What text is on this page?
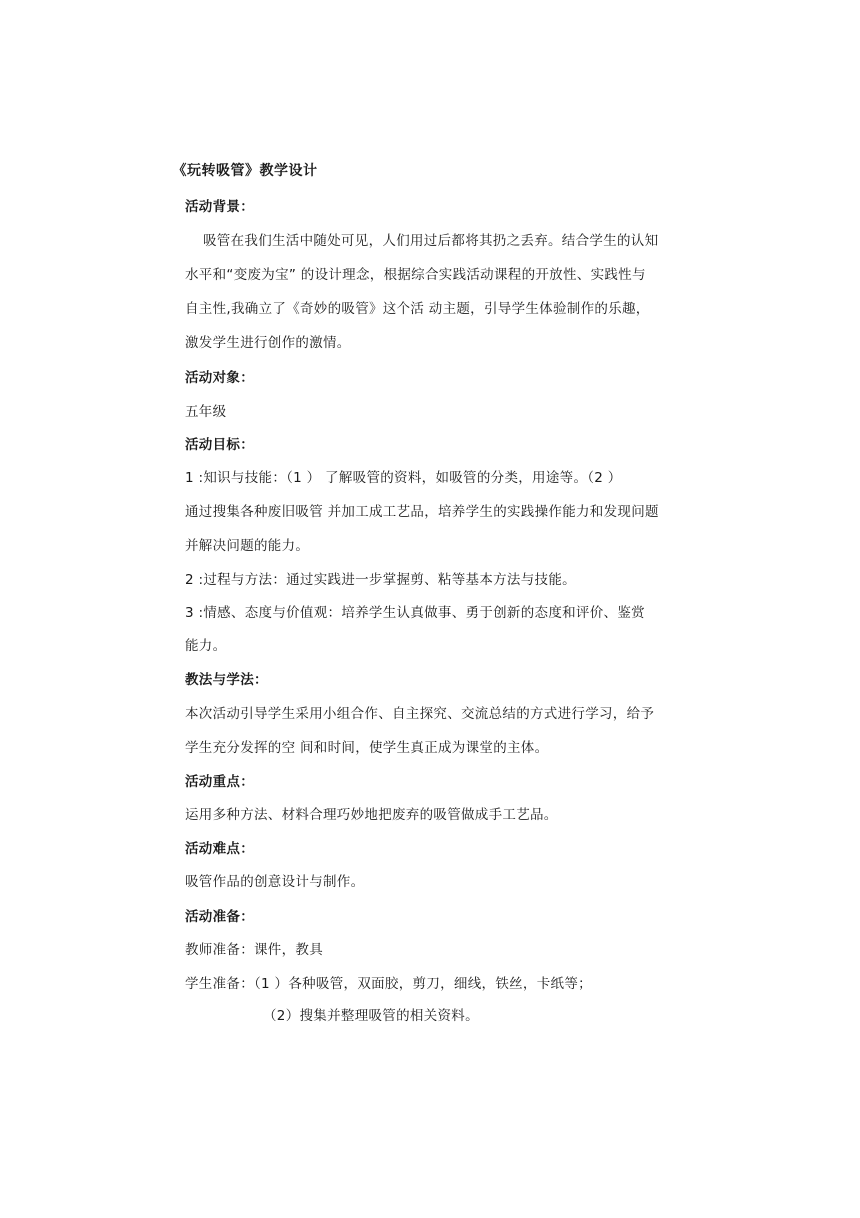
《玩转吸管》教学设计
活动背景：
吸管在我们生活中随处可见，人们用过后都将其扔之丢弃。结合学生的认知
水平和“变废为宝” 的设计理念，根据综合实践活动课程的开放性、实践性与
自主性,我确立了《奇妙的吸管》这个活 动主题，引导学生体验制作的乐趣，
激发学生进行创作的激情。
活动对象：
五年级
活动目标：
1 :知识与技能：（1 ） 了解吸管的资料，如吸管的分类，用途等。（2 ）
通过搜集各种废旧吸管 并加工成工艺品，培养学生的实践操作能力和发现问题
并解决问题的能力。
2 :过程与方法：通过实践进一步掌握剪、粘等基本方法与技能。
3 :情感、态度与价值观：培养学生认真做事、勇于创新的态度和评价、鉴赏
能力。
教法与学法：
本次活动引导学生采用小组合作、自主探究、交流总结的方式进行学习，给予
学生充分发挥的空 间和时间，使学生真正成为课堂的主体。
活动重点：
运用多种方法、材料合理巧妙地把废弃的吸管做成手工艺品。
活动难点：
吸管作品的创意设计与制作。
活动准备：
教师准备：课件，教具
学生准备：（1 ）各种吸管，双面胶，剪刀，细线，铁丝，卡纸等；
（2）搜集并整理吸管的相关资料。
